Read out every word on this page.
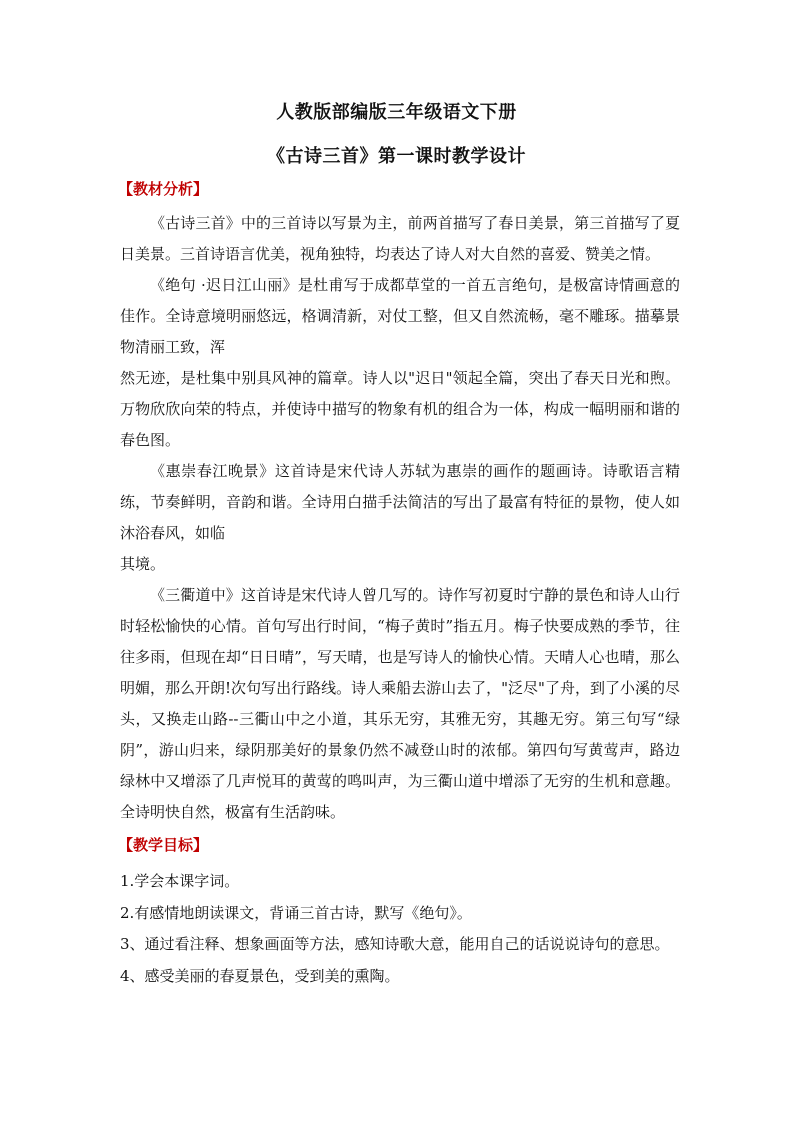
人教版部编版三年级语文下册
《古诗三首》第一课时教学设计
【教材分析】

《古诗三首》中的三首诗以写景为主，前两首描写了春日美景，第三首描写了夏日美景。三首诗语言优美，视角独特，均表达了诗人对大自然的喜爱、赞美之情。

《绝句 ·迟日江山丽》是杜甫写于成都草堂的一首五言绝句，是极富诗情画意的佳作。全诗意境明丽悠远，格调清新，对仗工整，但又自然流畅，毫不雕琢。描摹景物清丽工致，浑

然无迹，是杜集中别具风神的篇章。诗人以"迟日"领起全篇，突出了春天日光和煦。万物欣欣向荣的特点，并使诗中描写的物象有机的组合为一体，构成一幅明丽和谐的春色图。

《惠崇春江晚景》这首诗是宋代诗人苏轼为惠崇的画作的题画诗。诗歌语言精练，节奏鲜明，音韵和谐。全诗用白描手法简洁的写出了最富有特征的景物，使人如沐浴春风，如临

其境。

《三衢道中》这首诗是宋代诗人曾几写的。诗作写初夏时宁静的景色和诗人山行时轻松愉快的心情。首句写出行时间，“梅子黄时”指五月。梅子快要成熟的季节，往往多雨，但现在却“日日晴”，写天晴，也是写诗人的愉快心情。天晴人心也晴，那么明媚，那么开朗!次句写出行路线。诗人乘船去游山去了，"泛尽"了舟，到了小溪的尽头，又换走山路--三衢山中之小道，其乐无穷，其雅无穷，其趣无穷。第三句写“绿阴”，游山归来，绿阴那美好的景象仍然不减登山时的浓郁。第四句写黄莺声，路边绿林中又增添了几声悦耳的黄莺的鸣叫声，为三衢山道中增添了无穷的生机和意趣。全诗明快自然，极富有生活韵味。

【教学目标】

1.学会本课字词。

2.有感情地朗读课文，背诵三首古诗，默写《绝句》。

3、通过看注释、想象画面等方法，感知诗歌大意，能用自己的话说说诗句的意思。

4、感受美丽的春夏景色，受到美的熏陶。
